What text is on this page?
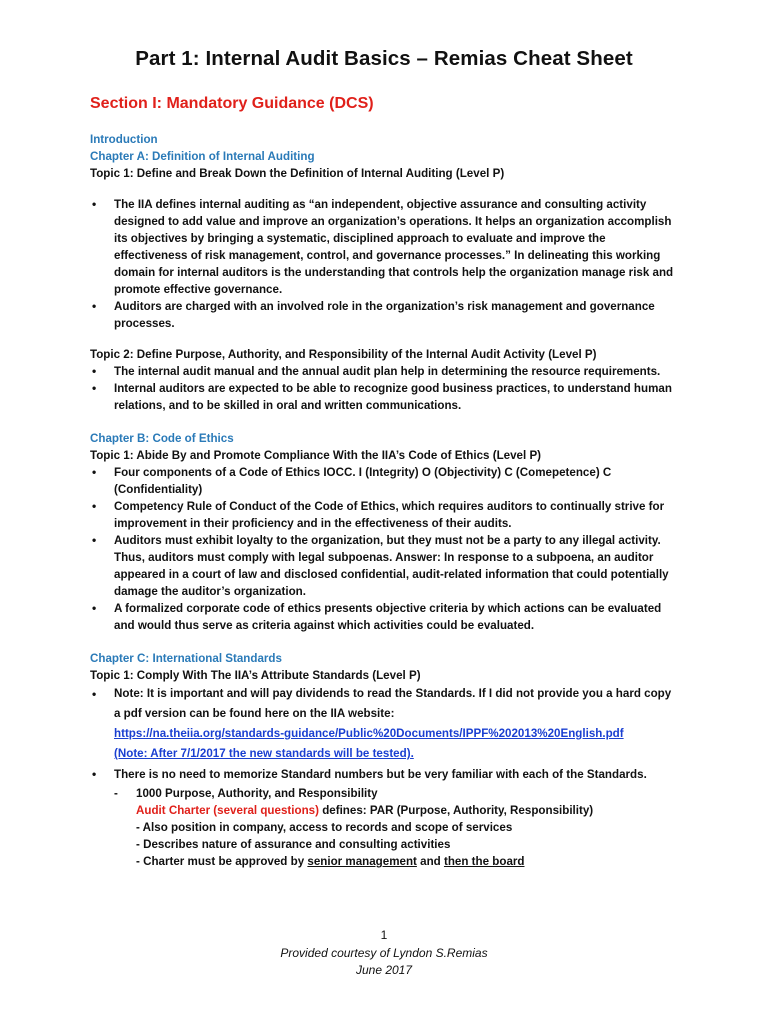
Part 1: Internal Audit Basics – Remias Cheat Sheet
Section I: Mandatory Guidance (DCS)
Introduction
Chapter A: Definition of Internal Auditing
Topic 1: Define and Break Down the Definition of Internal Auditing (Level P)
• The IIA defines internal auditing as “an independent, objective assurance and consulting activity designed to add value and improve an organization’s operations. It helps an organization accomplish its objectives by bringing a systematic, disciplined approach to evaluate and improve the effectiveness of risk management, control, and governance processes.” In delineating this working domain for internal auditors is the understanding that controls help the organization manage risk and promote effective governance.
• Auditors are charged with an involved role in the organization’s risk management and governance processes.
Topic 2: Define Purpose, Authority, and Responsibility of the Internal Audit Activity (Level P)
• The internal audit manual and the annual audit plan help in determining the resource requirements.
• Internal auditors are expected to be able to recognize good business practices, to understand human relations, and to be skilled in oral and written communications.
Chapter B: Code of Ethics
Topic 1: Abide By and Promote Compliance With the IIA’s Code of Ethics (Level P)
• Four components of a Code of Ethics IOCC. I (Integrity) O (Objectivity) C (Comepetence) C (Confidentiality)
• Competency Rule of Conduct of the Code of Ethics, which requires auditors to continually strive for improvement in their proficiency and in the effectiveness of their audits.
• Auditors must exhibit loyalty to the organization, but they must not be a party to any illegal activity. Thus, auditors must comply with legal subpoenas. Answer: In response to a subpoena, an auditor appeared in a court of law and disclosed confidential, audit-related information that could potentially damage the auditor’s organization.
• A formalized corporate code of ethics presents objective criteria by which actions can be evaluated and would thus serve as criteria against which activities could be evaluated.
Chapter C: International Standards
Topic 1: Comply With The IIA’s Attribute Standards (Level P)
• Note: It is important and will pay dividends to read the Standards. If I did not provide you a hard copy a pdf version can be found here on the IIA website:
https://na.theiia.org/standards-guidance/Public%20Documents/IPPF%202013%20English.pdf
(Note: After 7/1/2017 the new standards will be tested).
• There is no need to memorize Standard numbers but be very familiar with each of the Standards.
- 1000 Purpose, Authority, and Responsibility
Audit Charter (several questions) defines: PAR (Purpose, Authority, Responsibility)
- Also position in company, access to records and scope of services
- Describes nature of assurance and consulting activities
- Charter must be approved by senior management and then the board
1
Provided courtesy of Lyndon S.Remias
June 2017
